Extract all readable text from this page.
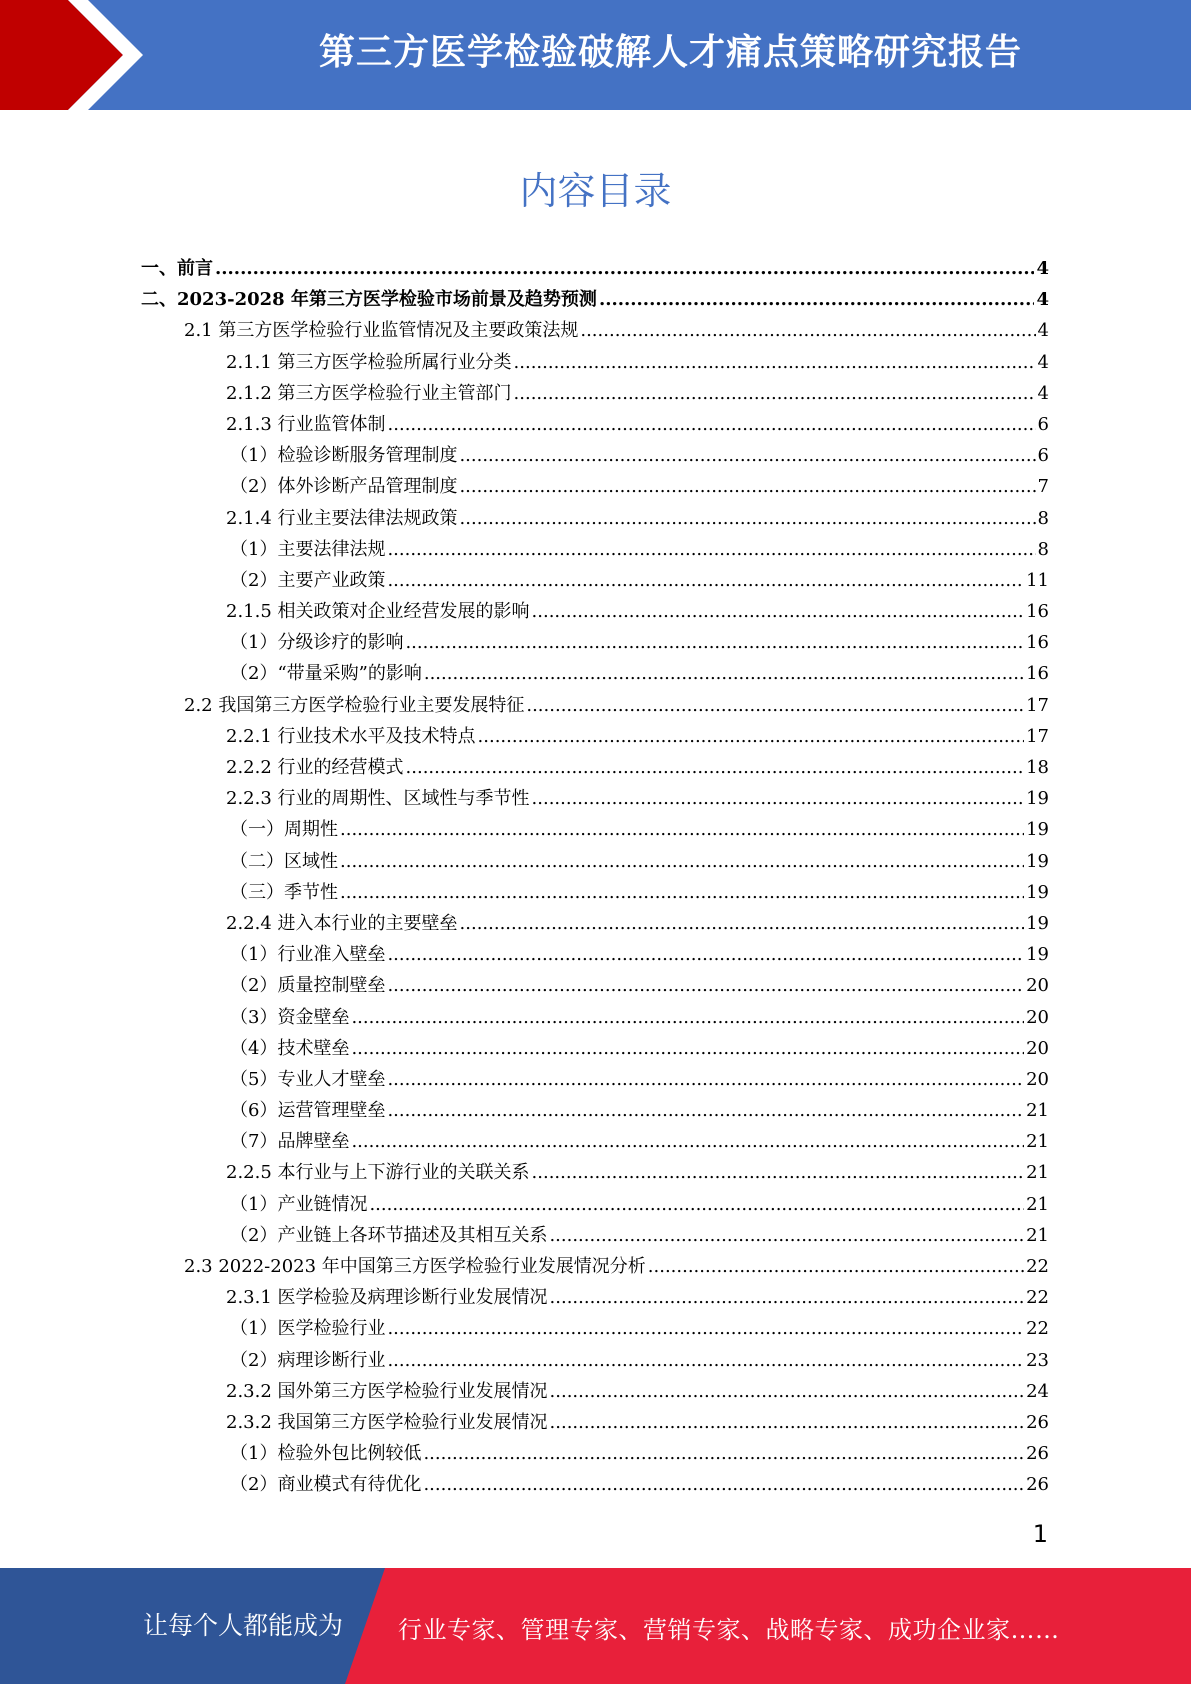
第三方医学检验破解人才痛点策略研究报告
内容目录
一、前言 .....	4
二、2023-2028 年第三方医学检验市场前景及趋势预测 .....	4
2.1 第三方医学检验行业监管情况及主要政策法规 .....	4
2.1.1 第三方医学检验所属行业分类 .....	4
2.1.2 第三方医学检验行业主管部门 .....	4
2.1.3 行业监管体制 .....	6
（1）检验诊断服务管理制度 .....	6
（2）体外诊断产品管理制度 .....	7
2.1.4 行业主要法律法规政策 .....	8
（1）主要法律法规 .....	8
（2）主要产业政策 .....	11
2.1.5 相关政策对企业经营发展的影响 .....	16
（1）分级诊疗的影响 .....	16
（2）“带量采购”的影响 .....	16
2.2 我国第三方医学检验行业主要发展特征 .....	17
2.2.1 行业技术水平及技术特点 .....	17
2.2.2 行业的经营模式 .....	18
2.2.3 行业的周期性、区域性与季节性 .....	19
（一）周期性 .....	19
（二）区域性 .....	19
（三）季节性 .....	19
2.2.4 进入本行业的主要壁垒 .....	19
（1）行业准入壁垒 .....	19
（2）质量控制壁垒 .....	20
（3）资金壁垒 .....	20
（4）技术壁垒 .....	20
（5）专业人才壁垒 .....	20
（6）运营管理壁垒 .....	21
（7）品牌壁垒 .....	21
2.2.5 本行业与上下游行业的关联关系 .....	21
（1）产业链情况 .....	21
（2）产业链上各环节描述及其相互关系 .....	21
2.3 2022-2023 年中国第三方医学检验行业发展情况分析 .....	22
2.3.1 医学检验及病理诊断行业发展情况 .....	22
（1）医学检验行业 .....	22
（2）病理诊断行业 .....	23
2.3.2 国外第三方医学检验行业发展情况 .....	24
2.3.2 我国第三方医学检验行业发展情况 .....	26
（1）检验外包比例较低 .....	26
（2）商业模式有待优化 .....	26
1
让每个人都能成为 行业专家、管理专家、营销专家、战略专家、成功企业家……
